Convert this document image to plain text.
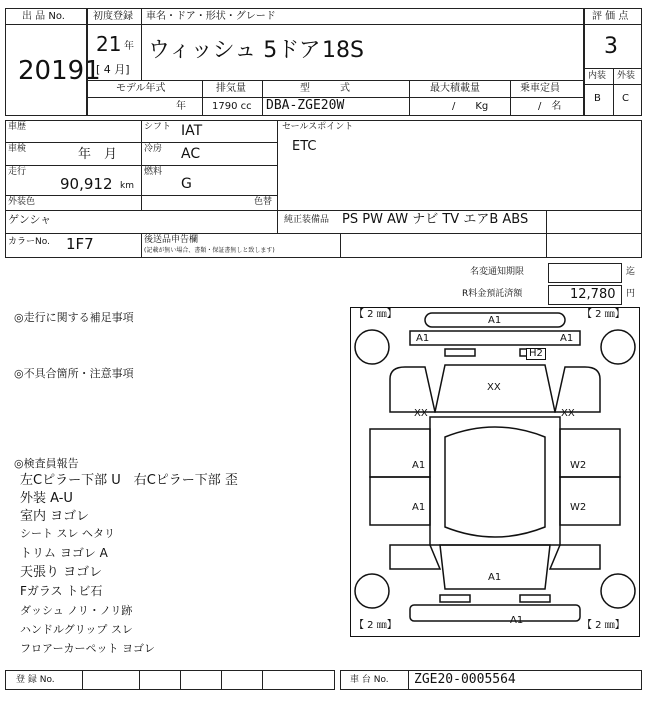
出 品 No.
20191
初度登録 車名・ドア・形状・グレード
21 年
[ 4 月]
ウィッシュ 5ドア 18S
モデル年式
年
排気量
1790 cc
型　　　式
DBA-ZGE20W
最大積載量
/　　Kg
乗車定員
/　名
評 価 点
3
内装 外装
B C
車歴	シフト IAT
車検	年　月	冷房 AC
走行
90,912 km
燃料
G
セールスポイント
ETC
外装色	色替
ゲンシャ	純正装備品 PS PW AW ナビ TV エアB ABS
カラーNo. 1F7	後送品申告欄
(記載が無い場合、書類・保証書無しと致します)
名変通知期限	迄
R料金預託済額	12,780 円
◎走行に関する補足事項
◎不具合箇所・注意事項
◎検査員報告
左Cピラー下部 U　右Cピラー下部 歪
外装 A-U
室内 ヨゴレ
シート スレ ヘタリ
トリム ヨゴレ A
天張り ヨゴレ
Fガラス トビ石
ダッシュ ノリ・ノリ跡
ハンドルグリップ スレ
フロアーカーペット ヨゴレ
【 2 ㎜】	【 2 ㎜】
【 2 ㎜】	【 2 ㎜】
A1
A1	A1
H2
XX
XX	XX
A1	W2
A1	W2
A1
A1
登 録 No.	車 台 No. ZGE20-0005564
